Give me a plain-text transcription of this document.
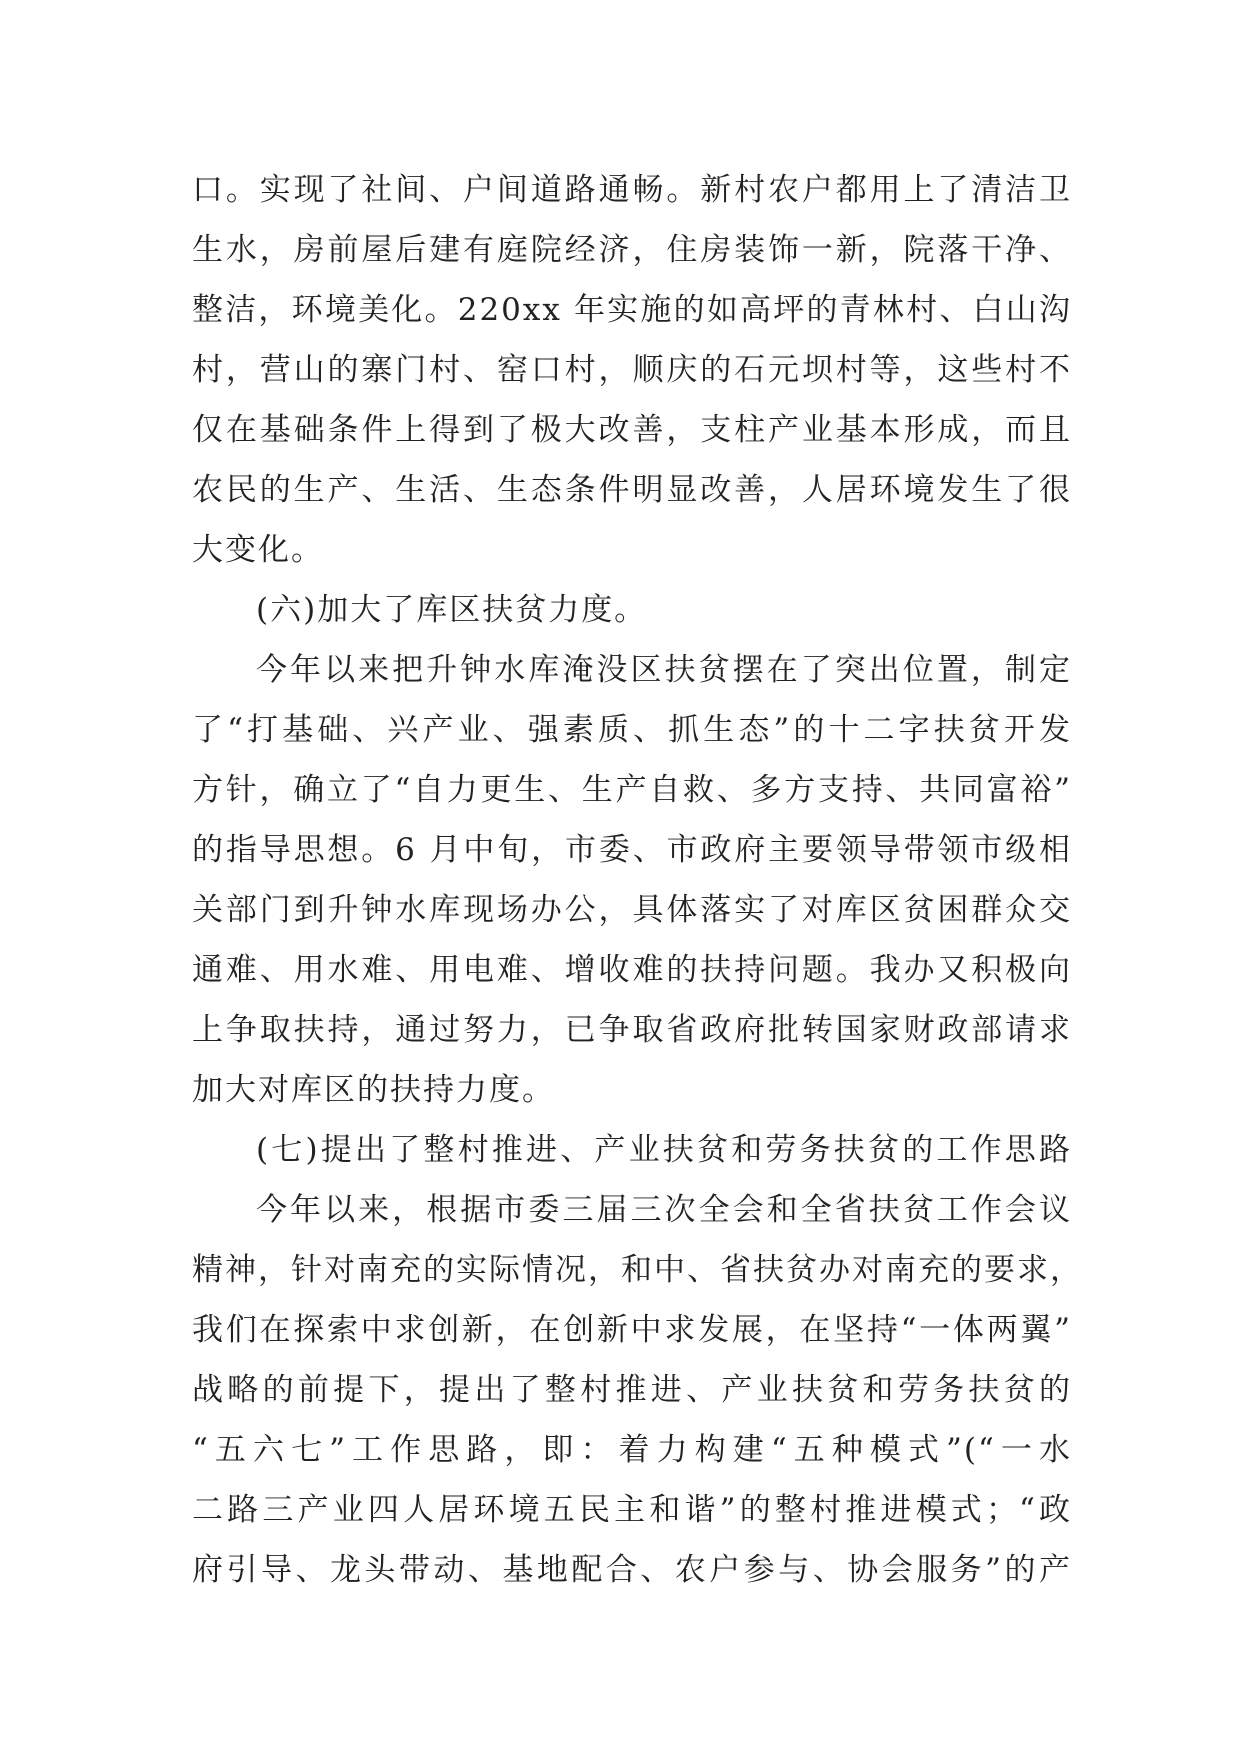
口。实现了社间、户间道路通畅。新村农户都用上了清洁卫
生水，房前屋后建有庭院经济，住房装饰一新，院落干净、
整洁，环境美化。220xx 年实施的如高坪的青林村、白山沟
村，营山的寨门村、窑口村，顺庆的石元坝村等，这些村不
仅在基础条件上得到了极大改善，支柱产业基本形成，而且
农民的生产、生活、生态条件明显改善，人居环境发生了很
大变化。
(六)加大了库区扶贫力度。
今年以来把升钟水库淹没区扶贫摆在了突出位置，制定
了“打基础、兴产业、强素质、抓生态”的十二字扶贫开发
方针，确立了“自力更生、生产自救、多方支持、共同富裕”
的指导思想。6 月中旬，市委、市政府主要领导带领市级相
关部门到升钟水库现场办公，具体落实了对库区贫困群众交
通难、用水难、用电难、增收难的扶持问题。我办又积极向
上争取扶持，通过努力，已争取省政府批转国家财政部请求
加大对库区的扶持力度。
(七)提出了整村推进、产业扶贫和劳务扶贫的工作思路
今年以来，根据市委三届三次全会和全省扶贫工作会议
精神，针对南充的实际情况，和中、省扶贫办对南充的要求，
我们在探索中求创新，在创新中求发展，在坚持“一体两翼”
战略的前提下，提出了整村推进、产业扶贫和劳务扶贫的
“五六七”工作思路，即：着力构建“五种模式”(“一水
二路三产业四人居环境五民主和谐”的整村推进模式；“政
府引导、龙头带动、基地配合、农户参与、协会服务”的产
